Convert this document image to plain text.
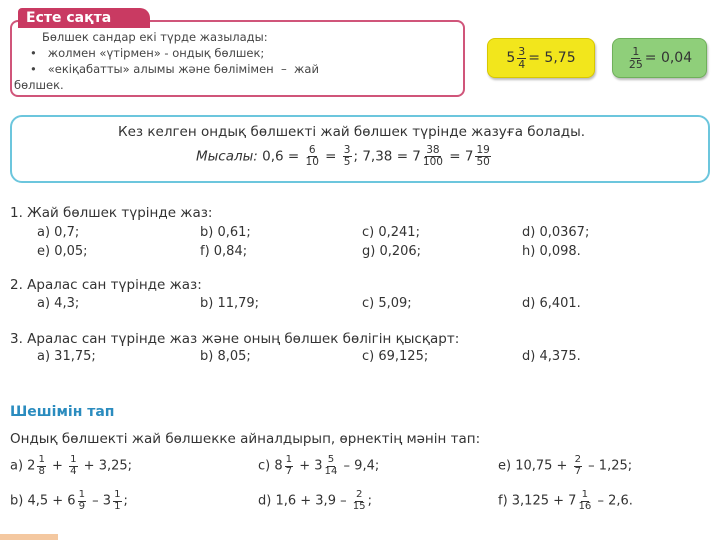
Есте сақта
Бөлшек сандар екі түрде жазылады:
•   жолмен «үтірмен» - ондық бөлшек;
•   «екіқабатты» алымы және бөлімімен  –  жай
бөлшек.
$5 \frac{3}{4} = 5,75$	$\frac{1}{25} = 0,04$
Кез келген ондық бөлшекті жай бөлшек түрінде жазуға болады.
Мысалы: $0,6 = \frac{6}{10} = \frac{3}{5}$ ; $7,38 = 7 \frac{38}{100} = 7 \frac{19}{50}$
1. Жай бөлшек түрінде жаз:
a) 0,7;	b) 0,61;	c) 0,241;	d) 0,0367;
e) 0,05;	f) 0,84;	g) 0,206;	h) 0,098.
2. Аралас сан түрінде жаз:
a) 4,3;	b) 11,79;	c) 5,09;	d) 6,401.
3. Аралас сан түрінде жаз және оның бөлшек бөлігін қысқарт:
a) 31,75;	b) 8,05;	c) 69,125;	d) 4,375.
Шешімін тап
Ондық бөлшекті жай бөлшекке айналдырып, өрнектің мәнін тап:
a) $2 \frac{1}{8} + \frac{1}{4} + 3,25$;	c) $8 \frac{1}{7} + 3 \frac{5}{14} - 9,4$;	e) $10,75 + \frac{2}{7} - 1,25$;
b) $4,5 + 6 \frac{1}{9} - 3 \frac{1}{1}$ ;	d) $1,6 + 3,9 - \frac{2}{15}$ ;	f) $3,125 + 7 \frac{1}{16} - 2,6$.
